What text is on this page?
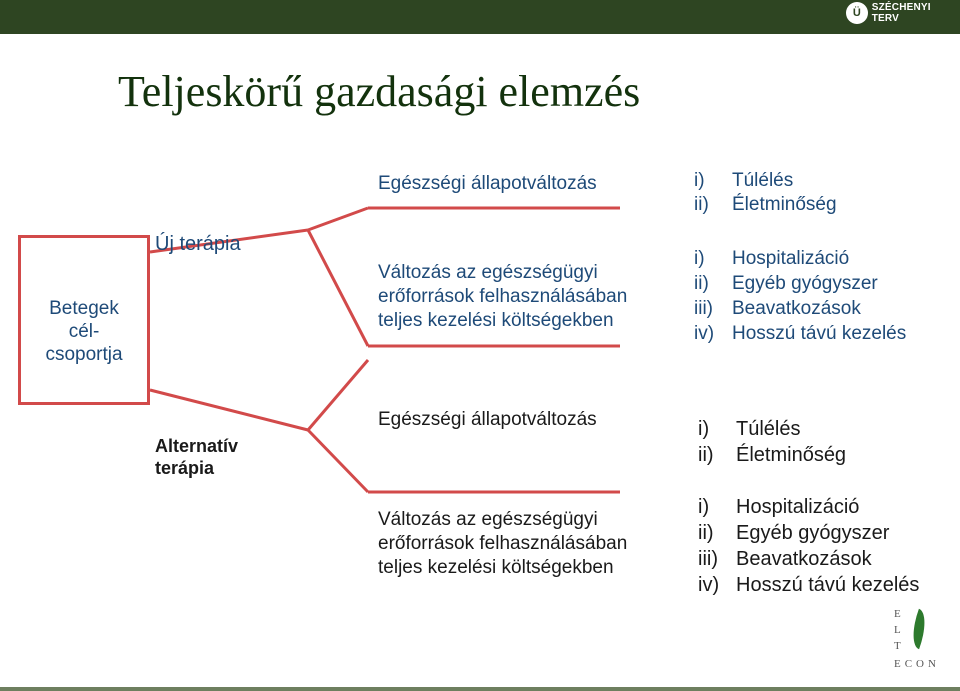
Ü	SZÉCHENYI TERV
Teljeskörű gazdasági elemzés
Betegek
cél-
csoportja
Új terápia
Egészségi állapotváltozás
Változás az egészségügyi
erőforrások felhasználásában
teljes kezelési költségekben
i)	Túlélés
ii)	Életminőség
i)	Hospitalizáció
ii)	Egyéb gyógyszer
iii)	Beavatkozások
iv) Hosszú távú kezelés
Alternatív
terápia
Egészségi állapotváltozás
Változás az egészségügyi
erőforrások felhasználásában
teljes kezelési költségekben
i)	Túlélés
ii)	Életminőség
i)	Hospitalizáció
ii)	Egyéb gyógyszer
iii) Beavatkozások
iv) Hosszú távú kezelés
E
L
T
ECON
